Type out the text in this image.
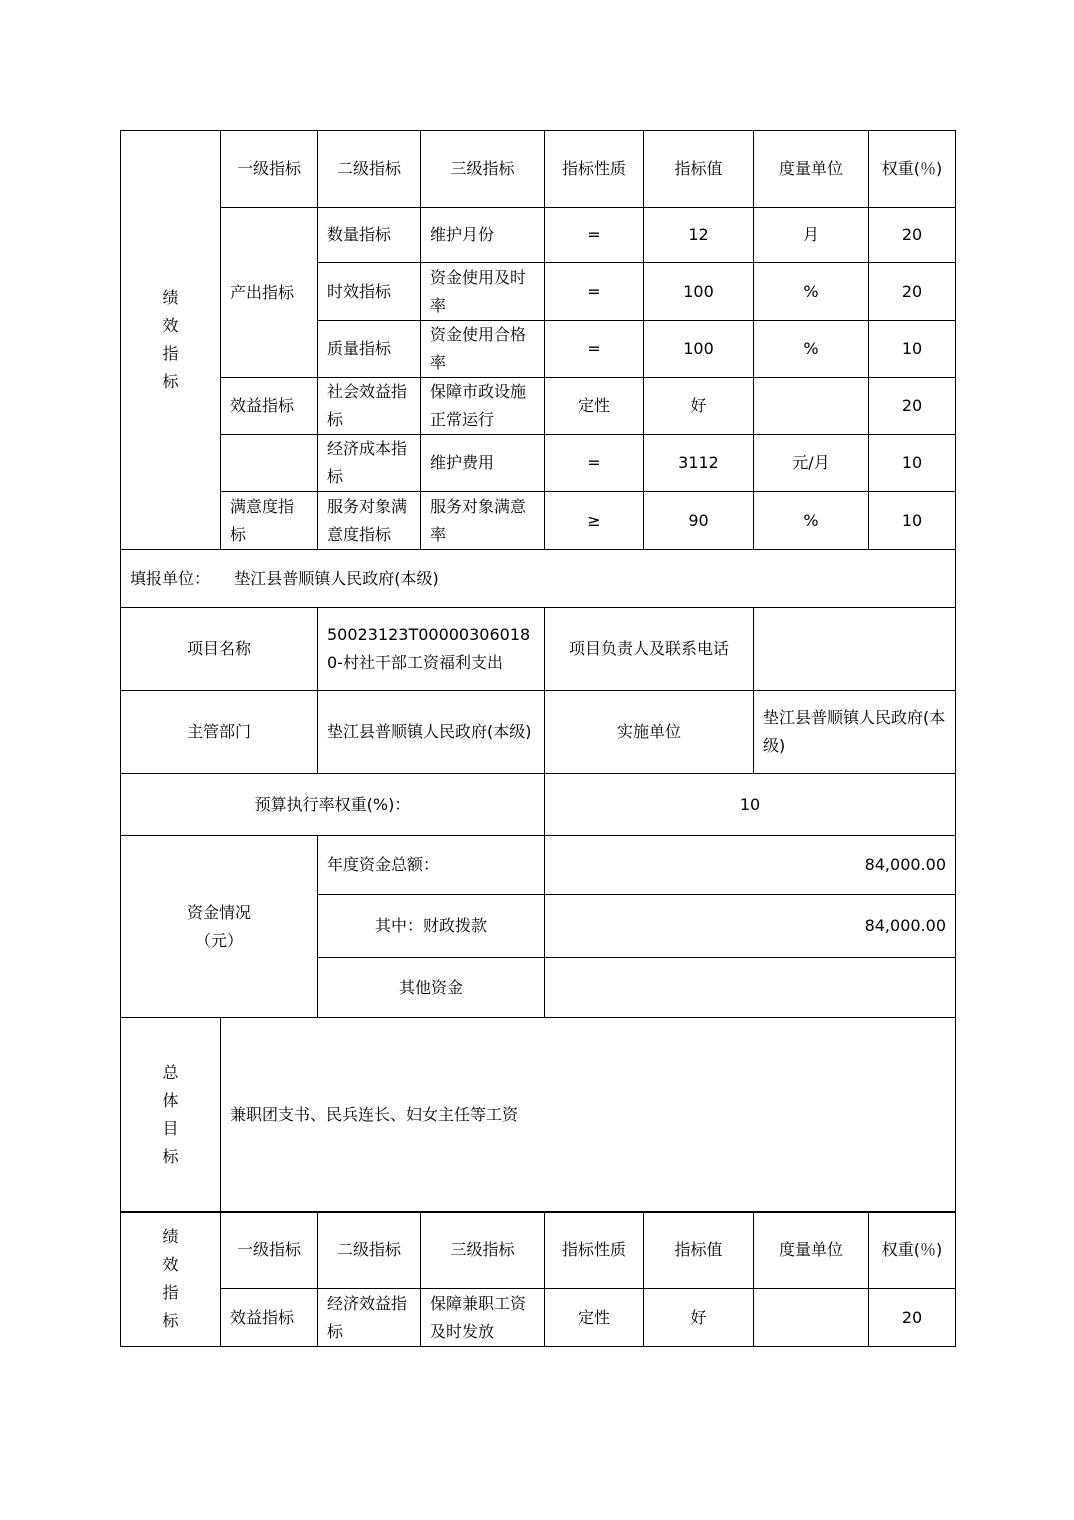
绩
效
指
标	一级指标	二级指标	三级指标	指标性质	指标值	度量单位	权重(％)
	产出指标	数量指标	维护月份	=	12	月	20
		时效指标	资金使用及时率	=	100	%	20
		质量指标	资金使用合格率	=	100	%	10
	效益指标	社会效益指标	保障市政设施正常运行	定性	好		20
		经济成本指标	维护费用	=	3112	元/月	10
	满意度指标	服务对象满意度指标	服务对象满意率	≥	90	%	10
填报单位： 垫江县普顺镇人民政府(本级)							
项目名称		50023123T000003060180-村社干部工资福利支出		项目负责人及联系电话			
主管部门		垫江县普顺镇人民政府(本级)		实施单位		垫江县普顺镇人民政府(本级)	
预算执行率权重(%)：				10			

资金情况
（元）		年度资金总额：		84,000.00			
		其中：财政拨款		84,000.00			
		其他资金					

总
体
目
标	兼职团支书、民兵连长、妇女主任等工资						
绩
效
指
标	一级指标	二级指标	三级指标	指标性质	指标值	度量单位	权重(％)
	效益指标	经济效益指标	保障兼职工资及时发放	定性	好		20
